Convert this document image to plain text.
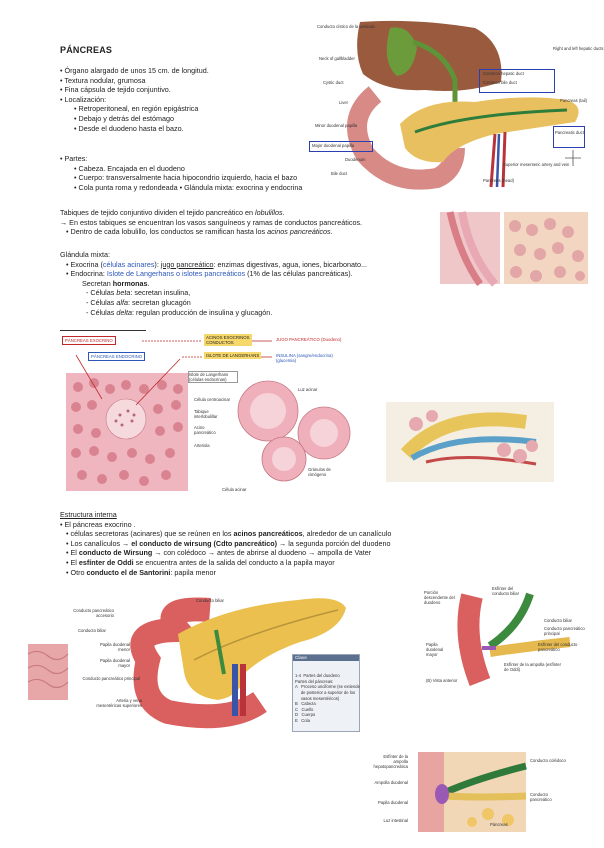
PÁNCREAS
• Órgano alargado de unos 15 cm. de longitud.
• Textura nodular, grumosa
• Fina cápsula de tejido conjuntivo.
• Localización:
• Retroperitoneal, en región epigástrica
• Debajo y detrás del estómago
• Desde el duodeno hasta el bazo.
• Partes:
• Cabeza. Encajada en el duodeno
• Cuerpo: transversalmente hacia hipocondrio izquierdo, hacia el bazo
• Cola punta roma y redondeada • Glándula mixta: exocrina y endocrina
Tabiques de tejido conjuntivo dividen el tejido pancreático en lobulillos.
→ En estos tabiques se encuentran los vasos sanguíneos y ramas de conductos pancreáticos.
• Dentro de cada lobulillo, los conductos se ramifican hasta los acinos pancreáticos.
Glándula mixta:
• Exocrina (células acinares): jugo pancreático: enzimas digestivas, agua, iones, bicarbonato...
• Endocrina: Islote de Langerhans o islotes pancreáticos (1% de las células pancreáticas).
Secretan hormonas.
- Células beta: secretan insulina,
- Células alfa: secretan glucagón
- Células delta: regulan producción de insulina y glucagón.
Conducto cístico de la vesícula
Neck of gallbladder
Cystic duct
Liver
Minor duodenal papilla
Major duodenal papilla
Duodenum
Bile duct
Common hepatic duct
Common bile duct
Pancreatic duct
Pancreas (tail)
Right and left hepatic ducts
Superior mesenteric artery and vein
Pancreas (head)
PÁNCREAS EXOCRINO
PÁNCREAS ENDOCRINO
ACINOS EXOCRINOS CONDUCTOS
JUGO PANCREÁTICO (Duodeno)
ISLOTE DE LANGERHANS	INSULINA (sangre/endocrina) (glucemia)
Islote de Langerhans (células endocrinas)
Célula centroacinar
Luz acinar
Tabique interlobulillar
Acino pancreático
Arteriola
Gránulos de cimógeno
Célula acinar
Estructura interna
• El páncreas exocrino .
• células secretoras (acinares) que se reúnen en los acinos pancreáticos, alrededor de un canalículo
• Los canalículos → el conducto de wirsung (Cdto pancreático) → la segunda porción del duodeno
• El conducto de Wirsung → con colédoco → antes de abrirse al duodeno → ampolla de Vater
• El esfínter de Oddi se encuentra antes de la salida del conducto a la papila mayor
• Otro conducto el de Santorini: papila menor
Conducto pancreático accesorio
Conducto biliar
Conducto biliar
Papila duodenal menor
Papila duodenal mayor
Conducto pancreático principal
Arteria y vena mesentéricas superiores
Clave

1-4  Partes del duodeno
Partes del páncreas:
A   Proceso unciforme (se extiende
de posterior a superior de los
vasos mesentéricos)
B   Cabeza
C   Cuello
D   Cuerpo
E   Cola

Porción descendente del duodeno
Esfínter del conducto biliar
Conducto biliar
Conducto pancreático principal
Esfínter del conducto pancreático
Papila duodenal mayor
Esfínter de la ampolla (esfínter de Oddi)
(B) Vista anterior
Esfínter de la ampolla hepatopancreática
Ampolla duodenal
Papila duodenal
Luz intestinal
Conducto colédoco
Conducto pancreático
Páncreas
